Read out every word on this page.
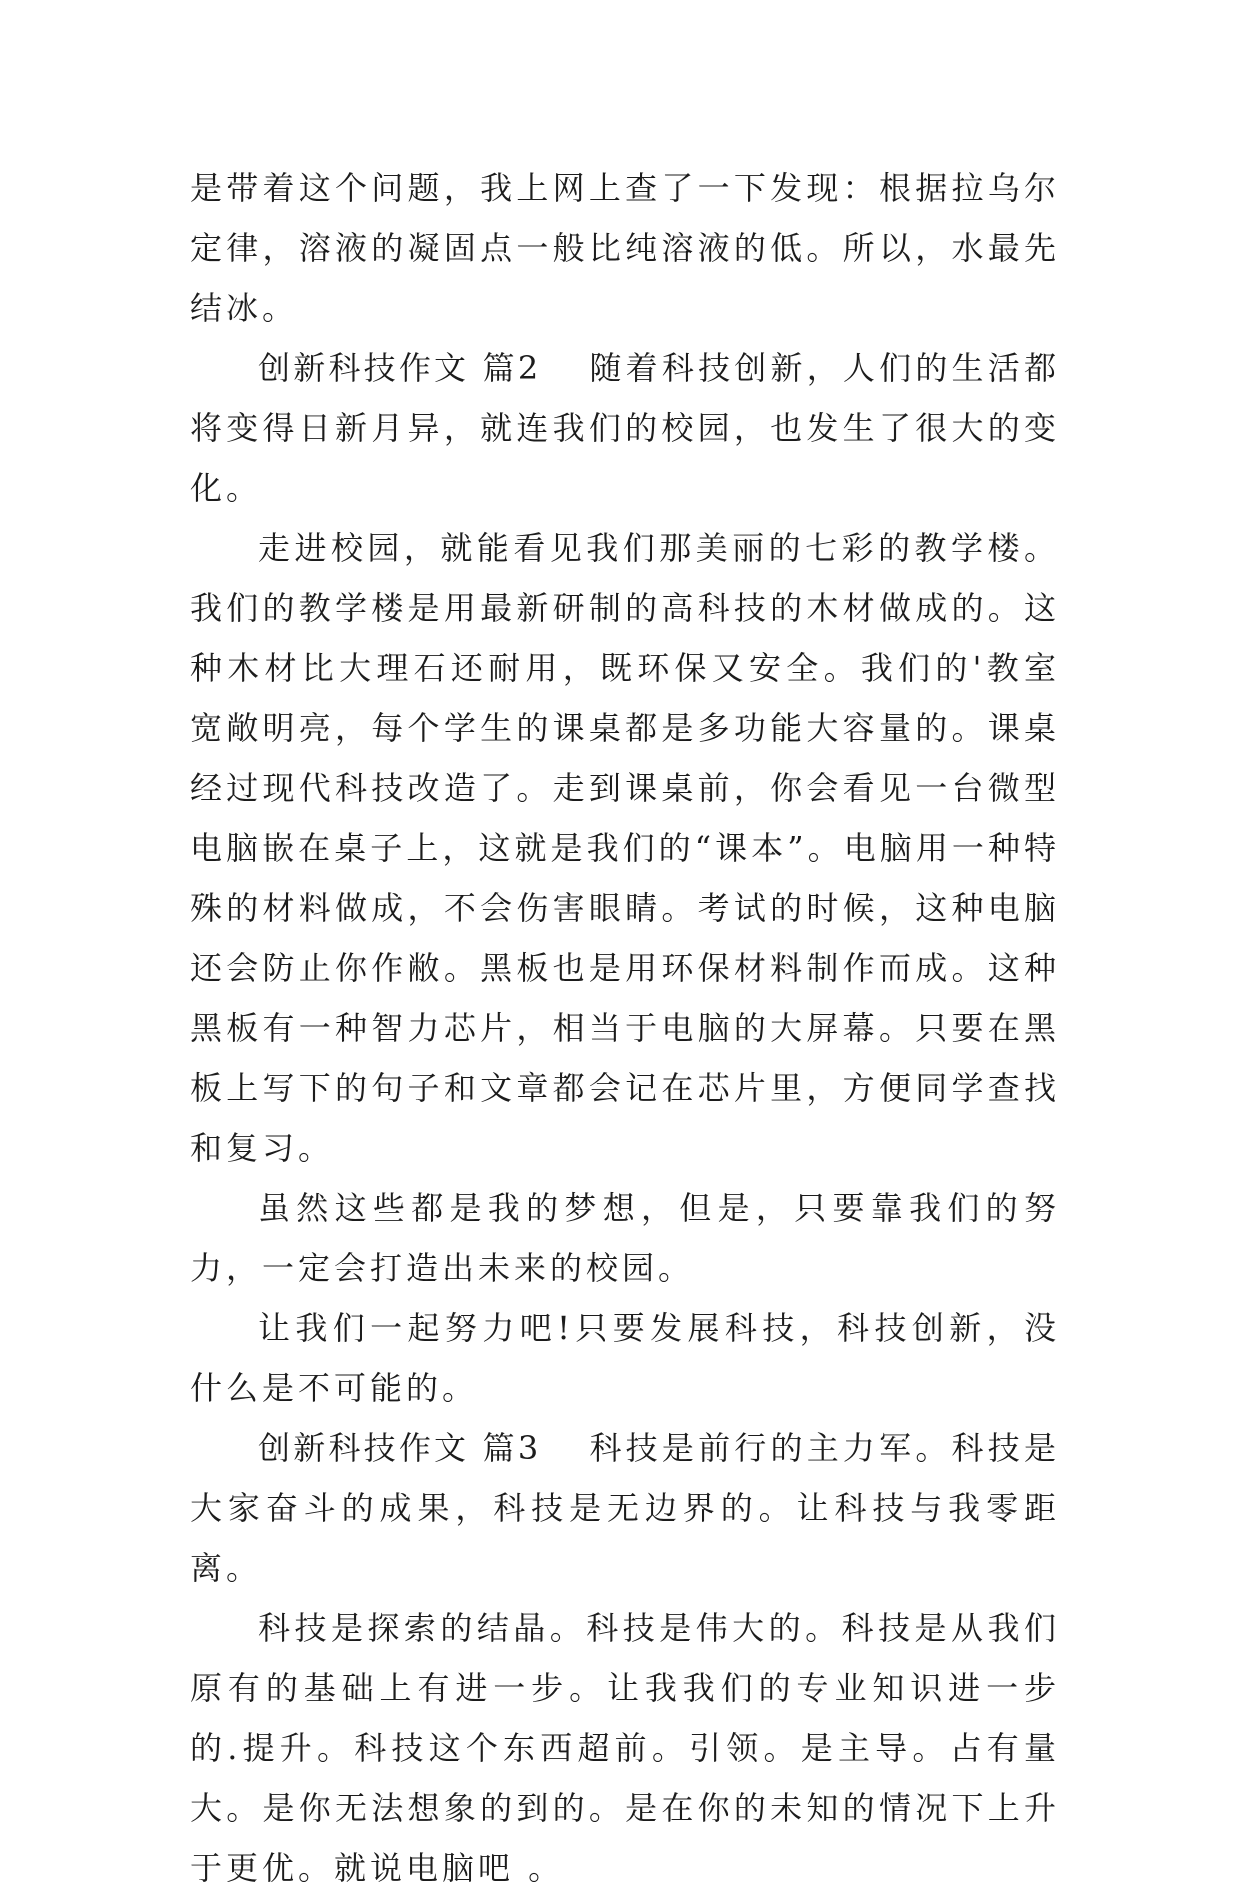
是带着这个问题，我上网上查了一下发现：根据拉乌尔定律，溶液的凝固点一般比纯溶液的低。所以，水最先结冰。

创新科技作文 篇2 随着科技创新，人们的生活都将变得日新月异，就连我们的校园，也发生了很大的变化。

走进校园，就能看见我们那美丽的七彩的教学楼。我们的教学楼是用最新研制的高科技的木材做成的。这种木材比大理石还耐用，既环保又安全。我们的'教室宽敞明亮，每个学生的课桌都是多功能大容量的。课桌经过现代科技改造了。走到课桌前，你会看见一台微型电脑嵌在桌子上，这就是我们的“课本”。电脑用一种特殊的材料做成，不会伤害眼睛。考试的时候，这种电脑还会防止你作敝。黑板也是用环保材料制作而成。这种黑板有一种智力芯片，相当于电脑的大屏幕。只要在黑板上写下的句子和文章都会记在芯片里，方便同学查找和复习。

虽然这些都是我的梦想，但是，只要靠我们的努力，一定会打造出未来的校园。

让我们一起努力吧!只要发展科技，科技创新，没什么是不可能的。

创新科技作文 篇3 科技是前行的主力军。科技是大家奋斗的成果，科技是无边界的。让科技与我零距离。

科技是探索的结晶。科技是伟大的。科技是从我们原有的基础上有进一步。让我我们的专业知识进一步的.提升。科技这个东西超前。引领。是主导。占有量大。是你无法想象的到的。是在你的未知的情况下上升于更优。就说电脑吧 。
